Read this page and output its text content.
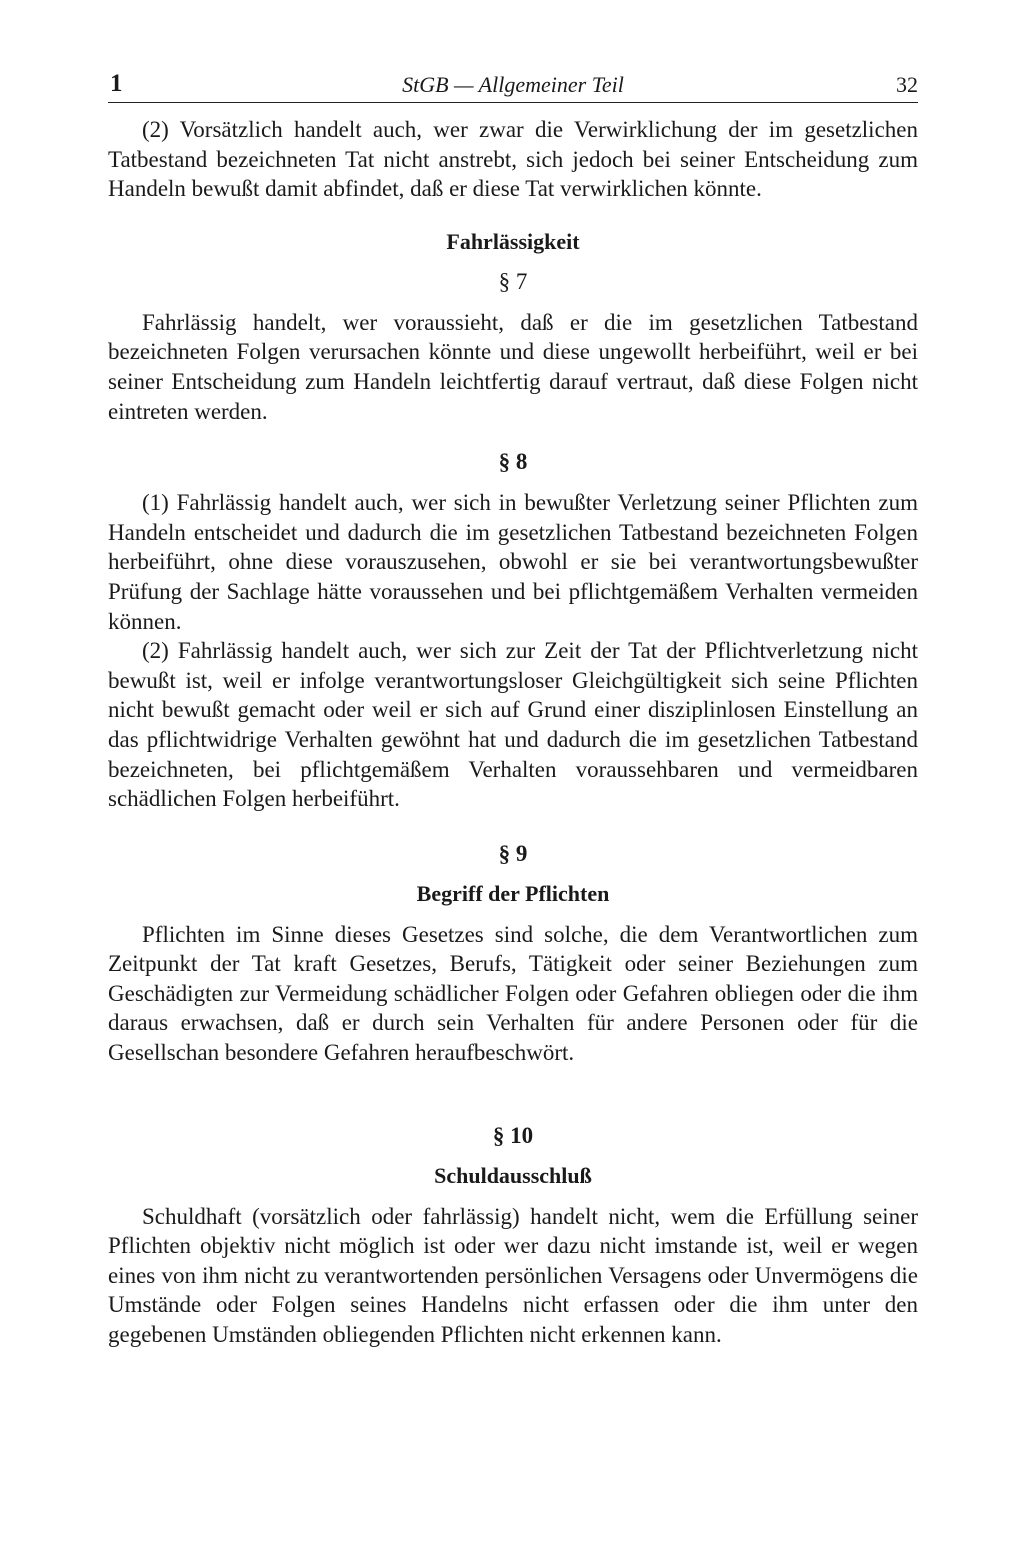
1	StGB — Allgemeiner Teil	32

(2) Vorsätzlich handelt auch, wer zwar die Verwirklichung der im gesetzlichen Tatbestand bezeichneten Tat nicht anstrebt, sich jedoch bei seiner Entscheidung zum Handeln bewußt damit abfindet, daß er diese Tat verwirklichen könnte.

Fahrlässigkeit
§ 7

Fahrlässig handelt, wer voraussieht, daß er die im gesetzlichen Tatbestand bezeichneten Folgen verursachen könnte und diese ungewollt herbeiführt, weil er bei seiner Entscheidung zum Handeln leichtfertig darauf vertraut, daß diese Folgen nicht eintreten werden.

§ 8

(1) Fahrlässig handelt auch, wer sich in bewußter Verletzung seiner Pflichten zum Handeln entscheidet und dadurch die im gesetzlichen Tatbestand bezeichneten Folgen herbeiführt, ohne diese vorauszusehen, obwohl er sie bei verantwortungsbewußter Prüfung der Sachlage hätte voraussehen und bei pflichtgemäßem Verhalten vermeiden können.

(2) Fahrlässig handelt auch, wer sich zur Zeit der Tat der Pflichtverletzung nicht bewußt ist, weil er infolge verantwortungsloser Gleichgültigkeit sich seine Pflichten nicht bewußt gemacht oder weil er sich auf Grund einer disziplinlosen Einstellung an das pflichtwidrige Verhalten gewöhnt hat und dadurch die im gesetzlichen Tatbestand bezeichneten, bei pflichtgemäßem Verhalten voraussehbaren und vermeidbaren schädlichen Folgen herbeiführt.

§ 9
Begriff der Pflichten

Pflichten im Sinne dieses Gesetzes sind solche, die dem Verantwortlichen zum Zeitpunkt der Tat kraft Gesetzes, Berufs, Tätigkeit oder seiner Beziehungen zum Geschädigten zur Vermeidung schädlicher Folgen oder Gefahren obliegen oder die ihm daraus erwachsen, daß er durch sein Verhalten für andere Personen oder für die Gesellschan besondere Gefahren heraufbeschwört.

§ 10
Schuldausschluß

Schuldhaft (vorsätzlich oder fahrlässig) handelt nicht, wem die Erfüllung seiner Pflichten objektiv nicht möglich ist oder wer dazu nicht imstande ist, weil er wegen eines von ihm nicht zu verantwortenden persönlichen Versagens oder Unvermögens die Umstände oder Folgen seines Handelns nicht erfassen oder die ihm unter den gegebenen Umständen obliegenden Pflichten nicht erkennen kann.
